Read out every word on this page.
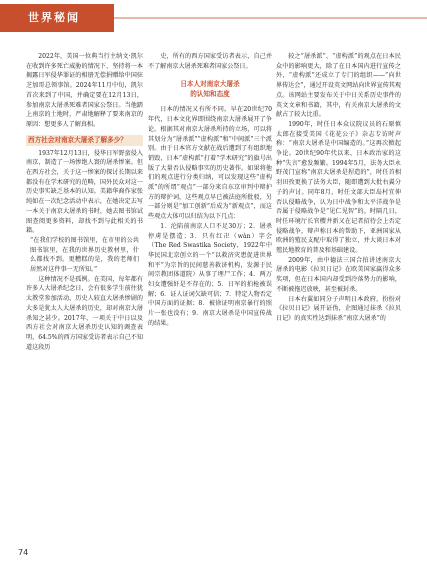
世界秘闻

2022年，美国一位典当行主纳文·凯尔在收到许多死亡威胁的情况下，坚持将一本揭露日军侵华罪证的相册无偿捐赠给中国驻芝加哥总领事馆。2024年11月中旬，凯尔首次来到了中国，并确定要在12月13日，参加南京大屠杀死难者国家公祭日。当他踏上南京的土地时，严肃地解释了要来南京的原因：想更多人了解真相。

西方社会对南京大屠杀了解多少？

1937年12月13日，侵华日军野蛮侵入南京，制造了一场惨绝人寰的屠杀惨案。但在西方社会，关于这一惨案的探讨长期以来都没有在学术研究的范畴，国外民众对这一历史事实缺乏基本的认知。美籍华裔作家张纯如在一次纪念活动中表示，在她决定去写一本关于南京大屠杀的书时，她去图书馆试图查阅更多资料，却找不到与此相关的书籍。

“在我们学校的图书馆里，在市里的公共图书馆里，在我的世界历史教材里，什么都找不到。更糟糕的是，我的老师们居然对这件事一无所知。”

这种情况不是孤例。在美国，每年都有许多人大屠杀纪念日，会有很多学生前往犹太教堂参加活动，历史人较直大屠杀惨剧的大多是犹太人大屠杀的历史，却对南京大屠杀知之甚少。2017年，一项关于中日以及西方社会对南京大屠杀历史认知的调查表明，64.5%的西方国家受访者表示自己不知道这段历

史，所有的西方国家受访者表示，自己并不了解南京大屠杀死难者国家公祭日。

日本人对南京大屠杀
的认知和态度

日本的情况又有所不同。早在20世纪70年代，日本文化界即围绕南京大屠杀展开了争论。根据其对南京大屠杀所持的立场，可以将其划分为“屠杀派”“虚构派”和“中间派”三个派别。由于日本官方文献在战后遭到了有组织地销毁，日本“虚构派”打着“学术研究”的旗号出版了大量否认侵略事实的历史著作。如果将他们的观点进行分类归纳，可以发现这些“虚构派”的所谓“观点”一部分来自东京审判中辩护方的辩护词，这些观点早已被法庭所批驳，另一部分则是“加工创新”后成为“新观点”，而这些观点大体可以归结为以下几点：

1．沦陷前南京人口不足30万；2．屠杀停虏是摆造；3．只有红卍（wàn）字会（The Red Swastika Society，1922年中华民国北京创立的一个“以救济灾患促进世界和平”为宗旨的民间慈善救济机构，发源于民间宗教团体道院）从事了埋尸工作；4．两万妇女遭强奸是不存在的；5．日军的拍枪被误解；6．证人证词欠缺可信；7．特定人物否定中国方面的证据；8．被徐证明南京暴行的照片一张也没有；9．南京大屠杀是中国宣传战的结果。

较之“屠杀派”、“虚构派”的观点在日本民众中的影响更大，除了在日本国内进行宣传之外，“虚构派”还成立了专门的组织——“向世界传达会”，通过开设英文网站向世界宣传其观点。该网站主要发布关于中日关系历史事件的英文文章和书籍，其中，有关南京大屠杀的文献占了较大比重。

1990年，时任日本众议院议员的石原慎太郎在接受美国《花花公子》杂志专访时声称：“南京大屠杀是中国编造的。”这再次掀起争论。20世纪90年代以来，日本政治家的这种“失言”愈发频繁。1994年5月，法务大臣永野茂门宣称“南京大屠杀是捏造的”，时任首相羽田孜更换了法务大臣，随即遭到大批右翼分子的声讨。同年8月，时任文部大臣岛村宜伸否认侵略战争，认为日中战争和太平洋战争是否属于侵略战争是“见仁见智”的。时隔几日，时任环境厅长官樱井新又在记者招待会上否定侵略战争，辩声称日本的帮助下，亚洲国家从欧洲的殖民支配中取得了独立，并大谈日本对殖民地教育的普及和基础建设。

2009年，由中德法三国合拍讲述南京大屠杀的电影《拉贝日记》在欧美国家赢得众多奖项，但在日本国内却受到冷落势力的影响，不断被拖迟放映，甚至被封杀。

日本右翼如同分子声明日本政府，扮扮对《拉贝日记》展开证伪，企图通过抹杀《拉贝日记》的真实性达到抹杀“南京大屠杀”的

74
